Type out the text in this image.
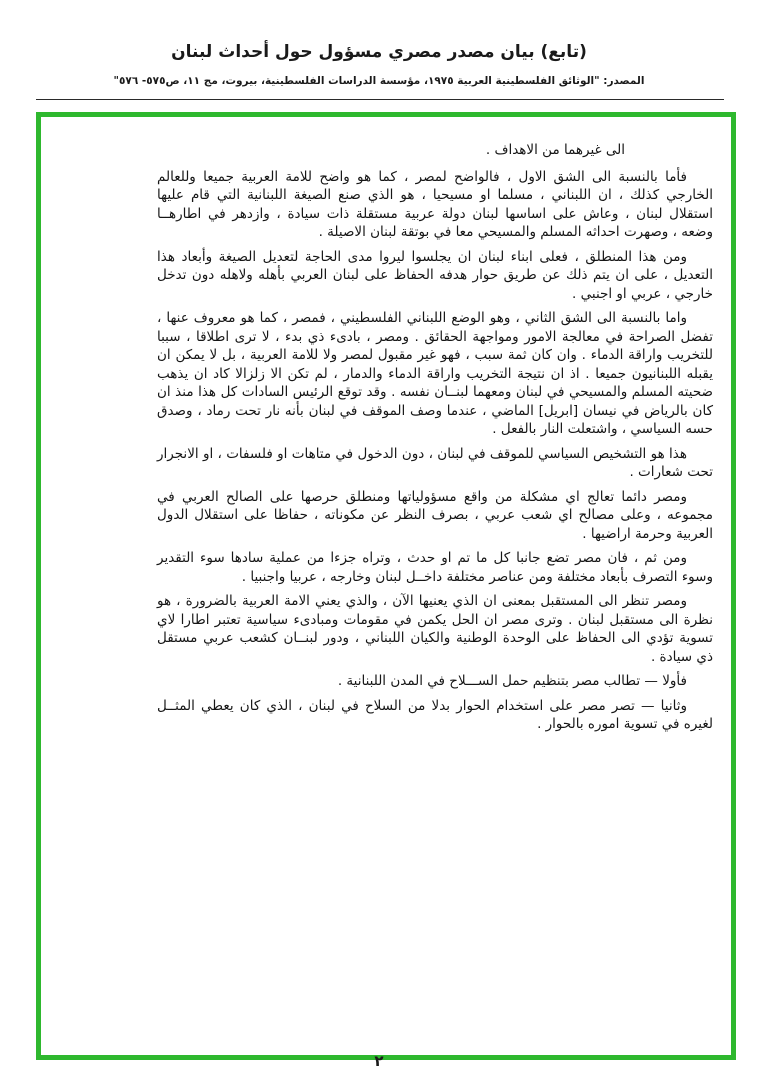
(تابع) بيان مصدر مصري مسؤول حول أحداث لبنان
المصدر: "الوثائق الفلسطينية العربية ١٩٧٥، مؤسسة الدراسات الفلسطينية، بيروت، مج ١١، ص٥٧٥- ٥٧٦"

الى غيرهما من الاهداف .

فأما بالنسبة الى الشق الاول ، فالواضح لمصر ، كما هو واضح للامة العربية جميعا وللعالم الخارجي كذلك ، ان اللبناني ، مسلما او مسيحيا ، هو الذي صنع الصيغة اللبنانية التي قام عليها استقلال لبنان ، وعاش على اساسها لبنان دولة عربية مستقلة ذات سيادة ، وازدهر في اطارهــا وضعه ، وصهرت احداثه المسلم والمسيحي معا في بوتقة لبنان الاصيلة .

ومن هذا المنطلق ، فعلى ابناء لبنان ان يجلسوا ليروا مدى الحاجة لتعديل الصيغة وأبعاد هذا التعديل ، على ان يتم ذلك عن طريق حوار هدفه الحفاظ على لبنان العربي بأهله ولاهله دون تدخل خارجي ، عربي او اجنبي .

واما بالنسبة الى الشق الثاني ، وهو الوضع اللبناني الفلسطيني ، فمصر ، كما هو معروف عنها ، تفضل الصراحة في معالجة الامور ومواجهة الحقائق . ومصر ، بادىء ذي بدء ، لا ترى اطلاقا ، سببا للتخريب واراقة الدماء . وان كان ثمة سبب ، فهو غير مقبول لمصر ولا للامة العربية ، بل لا يمكن ان يقبله اللبنانيون جميعا . اذ ان نتيجة التخريب واراقة الدماء والدمار ، لم تكن الا زلزالا كاد ان يذهب ضحيته المسلم والمسيحي في لبنان ومعهما لبنــان نفسه . وقد توقع الرئيس السادات كل هذا منذ ان كان بالرياض في نيسان [ابريل] الماضي ، عندما وصف الموقف في لبنان بأنه نار تحت رماد ، وصدق حسه السياسي ، واشتعلت النار بالفعل .

هذا هو التشخيص السياسي للموقف في لبنان ، دون الدخول في متاهات او فلسفات ، او الانجرار تحت شعارات .

ومصر دائما تعالج اي مشكلة من واقع مسؤولياتها ومنطلق حرصها على الصالح العربي في مجموعه ، وعلى مصالح اي شعب عربي ، بصرف النظر عن مكوناته ، حفاظا على استقلال الدول العربية وحرمة اراضيها .

ومن ثم ، فان مصر تضع جانبا كل ما تم او حدث ، وتراه جزءا من عملية سادها سوء التقدير وسوء التصرف بأبعاد مختلفة ومن عناصر مختلفة داخــل لبنان وخارجه ، عربيا واجنبيا .

ومصر تنظر الى المستقبل بمعنى ان الذي يعنيها الآن ، والذي يعني الامة العربية بالضرورة ، هو نظرة الى مستقبل لبنان . وترى مصر ان الحل يكمن في مقومات ومبادىء سياسية تعتبر اطارا لاي تسوية تؤدي الى الحفاظ على الوحدة الوطنية والكيان اللبناني ، ودور لبنــان كشعب عربي مستقل ذي سيادة .

فأولا — تطالب مصر بتنظيم حمل الســـلاح في المدن اللبنانية .

وثانيا — تصر مصر على استخدام الحوار بدلا من السلاح في لبنان ، الذي كان يعطي المثــل لغيره في تسوية اموره بالحوار .

٢
